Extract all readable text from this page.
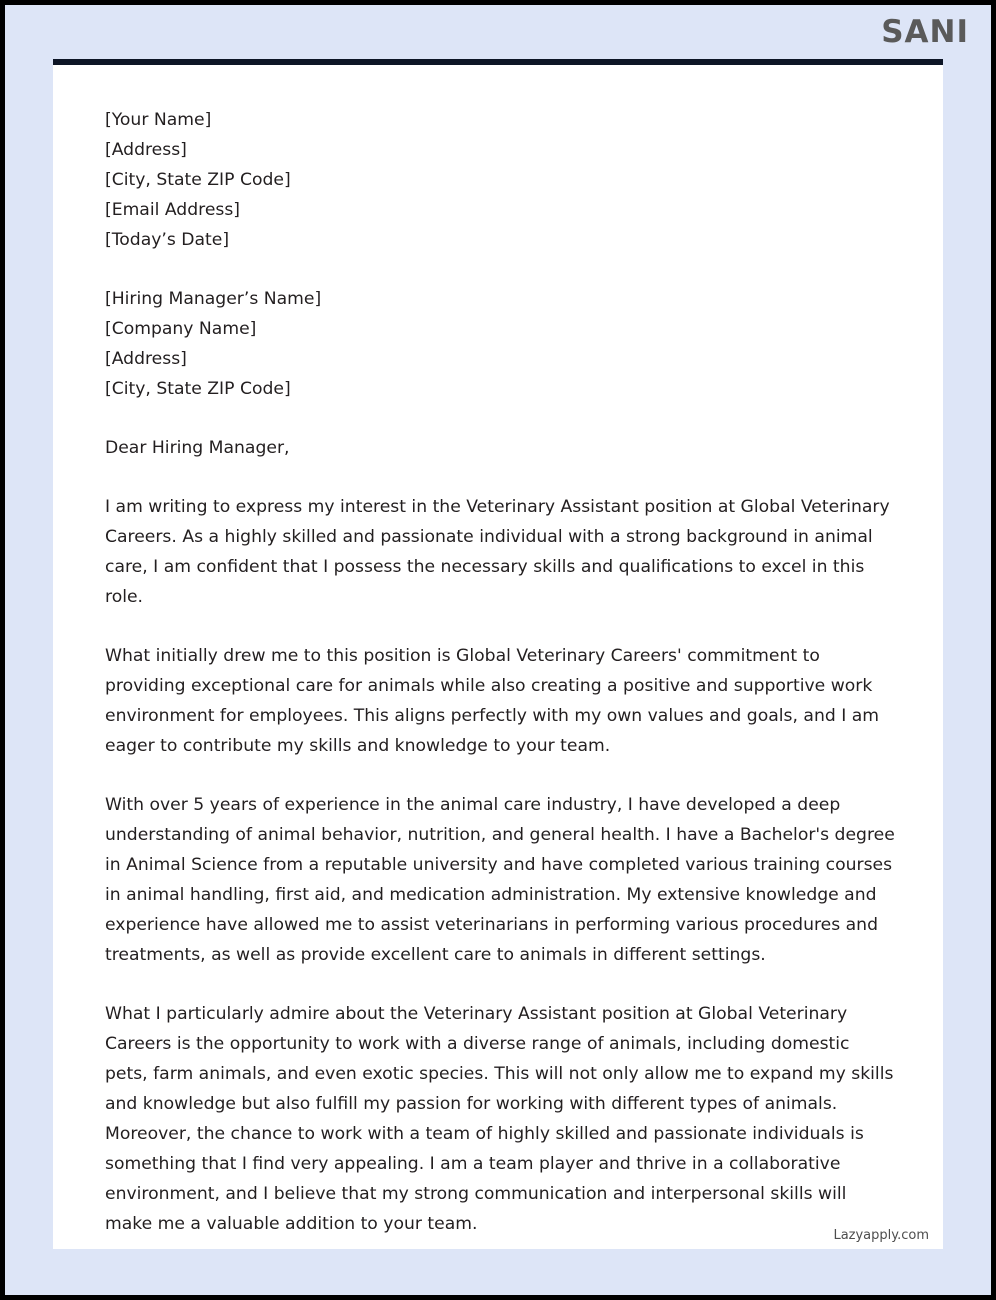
SANI

[Your Name]
[Address]
[City, State ZIP Code]
[Email Address]
[Today’s Date]

[Hiring Manager’s Name]
[Company Name]
[Address]
[City, State ZIP Code]

Dear Hiring Manager,

I am writing to express my interest in the Veterinary Assistant position at Global Veterinary Careers. As a highly skilled and passionate individual with a strong background in animal care, I am confident that I possess the necessary skills and qualifications to excel in this role.

What initially drew me to this position is Global Veterinary Careers' commitment to providing exceptional care for animals while also creating a positive and supportive work environment for employees. This aligns perfectly with my own values and goals, and I am eager to contribute my skills and knowledge to your team.

With over 5 years of experience in the animal care industry, I have developed a deep understanding of animal behavior, nutrition, and general health. I have a Bachelor's degree in Animal Science from a reputable university and have completed various training courses in animal handling, first aid, and medication administration. My extensive knowledge and experience have allowed me to assist veterinarians in performing various procedures and treatments, as well as provide excellent care to animals in different settings.

What I particularly admire about the Veterinary Assistant position at Global Veterinary Careers is the opportunity to work with a diverse range of animals, including domestic pets, farm animals, and even exotic species. This will not only allow me to expand my skills and knowledge but also fulfill my passion for working with different types of animals. Moreover, the chance to work with a team of highly skilled and passionate individuals is something that I find very appealing. I am a team player and thrive in a collaborative environment, and I believe that my strong communication and interpersonal skills will make me a valuable addition to your team.

Lazyapply.com
